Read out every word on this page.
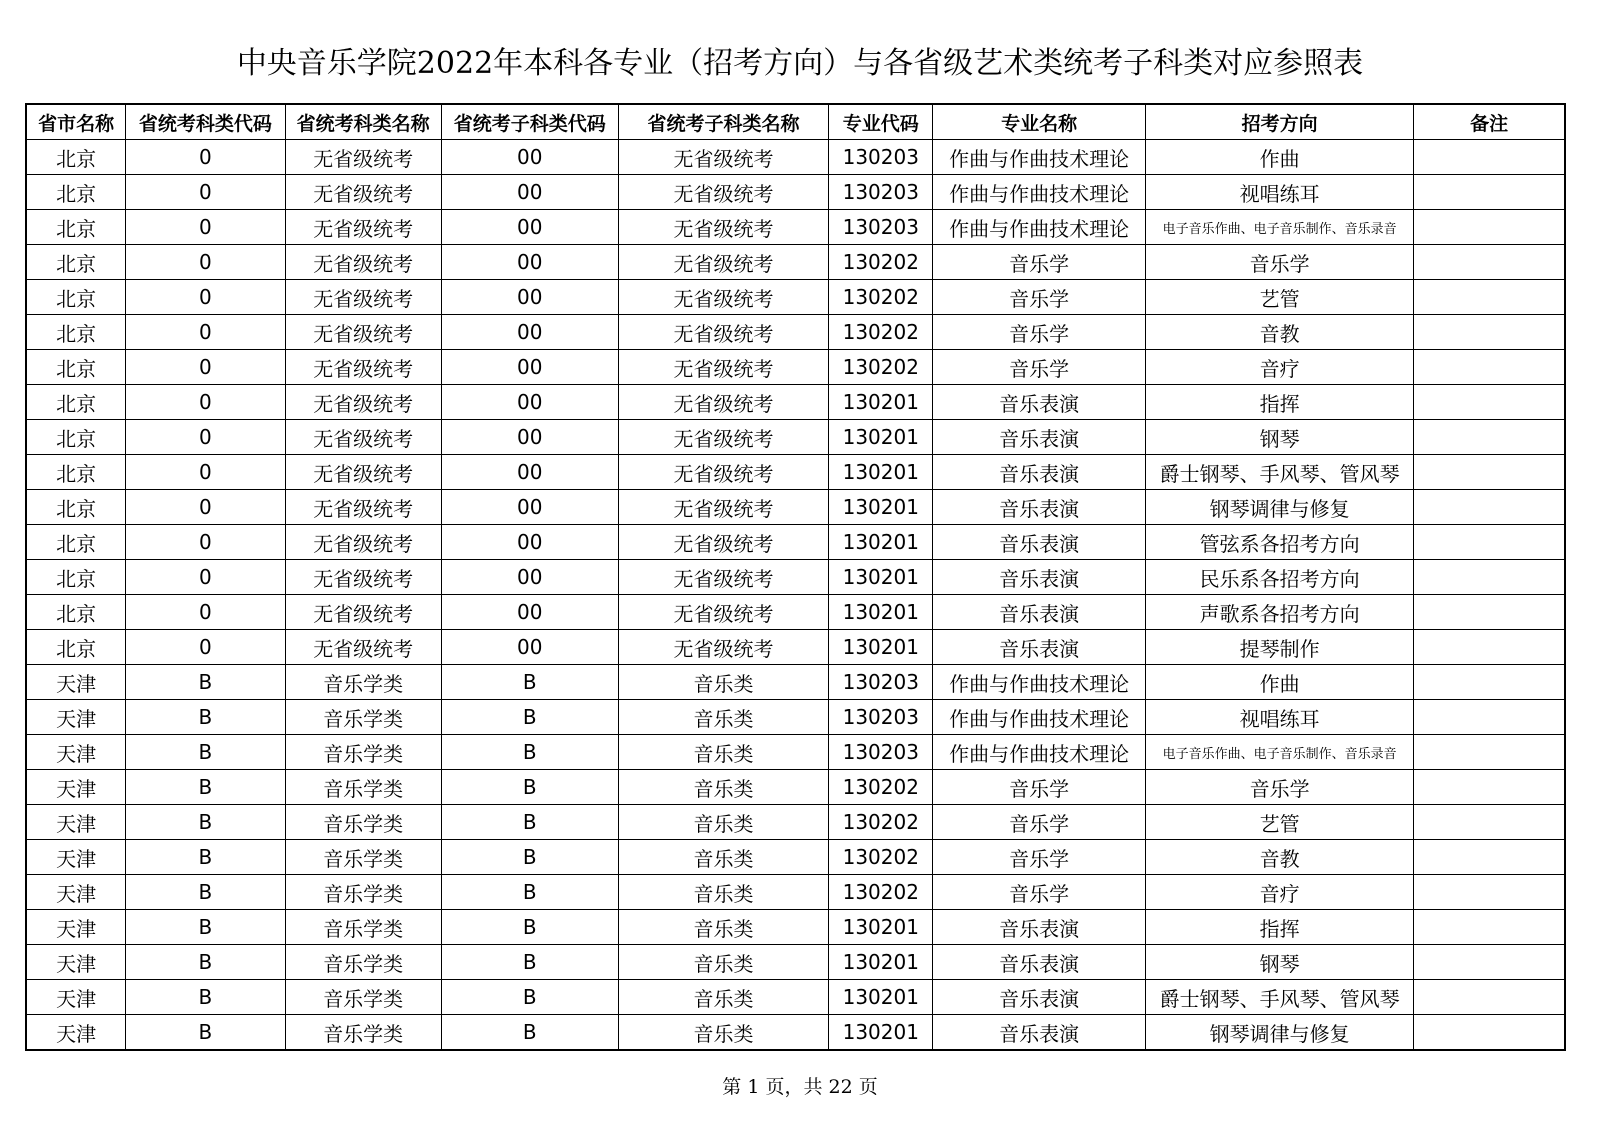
中央音乐学院2022年本科各专业（招考方向）与各省级艺术类统考子科类对应参照表
省市名称	省统考科类代码	省统考科类名称	省统考子科类代码	省统考子科类名称	专业代码	专业名称	招考方向	备注
北京	0	无省级统考	00	无省级统考	130203	作曲与作曲技术理论	作曲	
北京	0	无省级统考	00	无省级统考	130203	作曲与作曲技术理论	视唱练耳	
北京	0	无省级统考	00	无省级统考	130203	作曲与作曲技术理论	电子音乐作曲、电子音乐制作、音乐录音	
北京	0	无省级统考	00	无省级统考	130202	音乐学	音乐学	
北京	0	无省级统考	00	无省级统考	130202	音乐学	艺管	
北京	0	无省级统考	00	无省级统考	130202	音乐学	音教	
北京	0	无省级统考	00	无省级统考	130202	音乐学	音疗	
北京	0	无省级统考	00	无省级统考	130201	音乐表演	指挥	
北京	0	无省级统考	00	无省级统考	130201	音乐表演	钢琴	
北京	0	无省级统考	00	无省级统考	130201	音乐表演	爵士钢琴、手风琴、管风琴	
北京	0	无省级统考	00	无省级统考	130201	音乐表演	钢琴调律与修复	
北京	0	无省级统考	00	无省级统考	130201	音乐表演	管弦系各招考方向	
北京	0	无省级统考	00	无省级统考	130201	音乐表演	民乐系各招考方向	
北京	0	无省级统考	00	无省级统考	130201	音乐表演	声歌系各招考方向	
北京	0	无省级统考	00	无省级统考	130201	音乐表演	提琴制作	
天津	B	音乐学类	B	音乐类	130203	作曲与作曲技术理论	作曲	
天津	B	音乐学类	B	音乐类	130203	作曲与作曲技术理论	视唱练耳	
天津	B	音乐学类	B	音乐类	130203	作曲与作曲技术理论	电子音乐作曲、电子音乐制作、音乐录音	
天津	B	音乐学类	B	音乐类	130202	音乐学	音乐学	
天津	B	音乐学类	B	音乐类	130202	音乐学	艺管	
天津	B	音乐学类	B	音乐类	130202	音乐学	音教	
天津	B	音乐学类	B	音乐类	130202	音乐学	音疗	
天津	B	音乐学类	B	音乐类	130201	音乐表演	指挥	
天津	B	音乐学类	B	音乐类	130201	音乐表演	钢琴	
天津	B	音乐学类	B	音乐类	130201	音乐表演	爵士钢琴、手风琴、管风琴	
天津	B	音乐学类	B	音乐类	130201	音乐表演	钢琴调律与修复	
第 1 页，共 22 页
